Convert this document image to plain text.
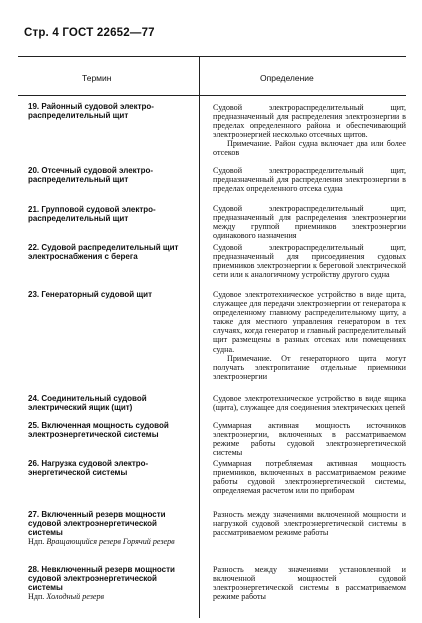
Стр. 4 ГОСТ 22652—77
Термин	Определение
19. Районный судовой электро-распределительный щит
Судовой электрораспределительный щит, предназначенный для распределения электроэнергии в пределах определенного района и обеспечивающий электроэнергией несколько отсечных щитов.
Примечание. Район судна включает два или более отсеков
20. Отсечный судовой электро-распределительный щит
Судовой электрораспределительный щит, предназначенный для распределения электроэнергии в пределах определенного отсека судна
21. Групповой судовой электро-распределительный щит
Судовой электрораспределительный щит, предназначенный для распределения электроэнергии между группой приемников электроэнергии одинакового назначения
22. Судовой распределительный щит электроснабжения с берега
Судовой электрораспределительный щит, предназначенный для присоединения судовых приемников электроэнергии к береговой электрической сети или к аналогичному устройству другого судна
23. Генераторный судовой щит	Судовое электротехническое устройство в виде щита, служащее для передачи электроэнергии от генератора к определенному главному распределительному щиту, а также для местного управления генератором в тех случаях, когда генератор и главный распределительный щит размещены в разных отсеках или помещениях судна.
Примечание. От генераторного щита могут получать электропитание отдельные приемники электроэнергии
24. Соединительный судовой электрический ящик (щит)
Судовое электротехническое устройство в виде ящика (щита), служащее для соединения электрических цепей
25. Включенная мощность судовой электроэнергетической системы
Суммарная активная мощность источников электроэнергии, включенных в рассматриваемом режиме работы судовой электроэнергетической системы
26. Нагрузка судовой электро-энергетической системы
Суммарная потребляемая активная мощность приемников, включенных в рассматриваемом режиме работы судовой электроэнергетической системы, определяемая расчетом или по приборам
27. Включенный резерв мощности судовой электроэнергетической системы
Ндп. Вращающийся резерв Горячий резерв
Разность между значениями включенной мощности и нагрузкой судовой электроэнергетической системы в рассматриваемом режиме работы
28. Невключенный резерв мощности судовой электроэнергетической системы
Ндп. Холодный резерв
Разность между значениями установленной и включенной мощностей судовой электроэнергетической системы в рассматриваемом режиме работы
